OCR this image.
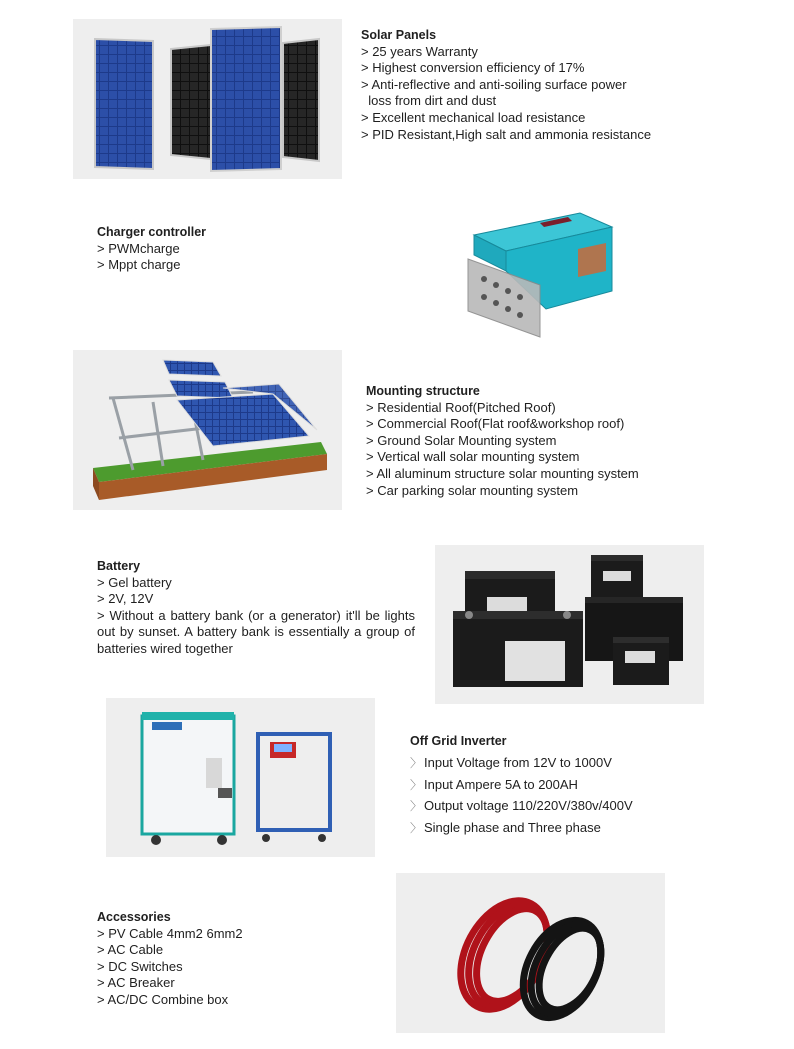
Solar Panels
> 25 years Warranty
> Highest conversion efficiency of 17%
> Anti-reflective and anti-soiling surface power
loss from dirt and dust
> Excellent mechanical load resistance
> PID Resistant,High salt and ammonia resistance
Charger controller
> PWMcharge
> Mppt charge
Mounting structure
> Residential Roof(Pitched Roof)
> Commercial Roof(Flat roof&workshop roof)
> Ground Solar Mounting system
> Vertical wall solar mounting system
> All aluminum structure solar mounting system
> Car parking solar mounting system
Battery
> Gel battery
> 2V, 12V
> Without a battery bank (or a generator) it'll be lights out by sunset. A battery bank is essentially a group of batteries wired together
Off Grid Inverter
〉 Input Voltage from 12V to 1000V
〉 Input Ampere 5A to 200AH
〉 Output voltage 110/220V/380v/400V
〉 Single phase and Three phase
Accessories
> PV Cable 4mm2 6mm2
> AC Cable
> DC Switches
> AC Breaker
> AC/DC Combine box
